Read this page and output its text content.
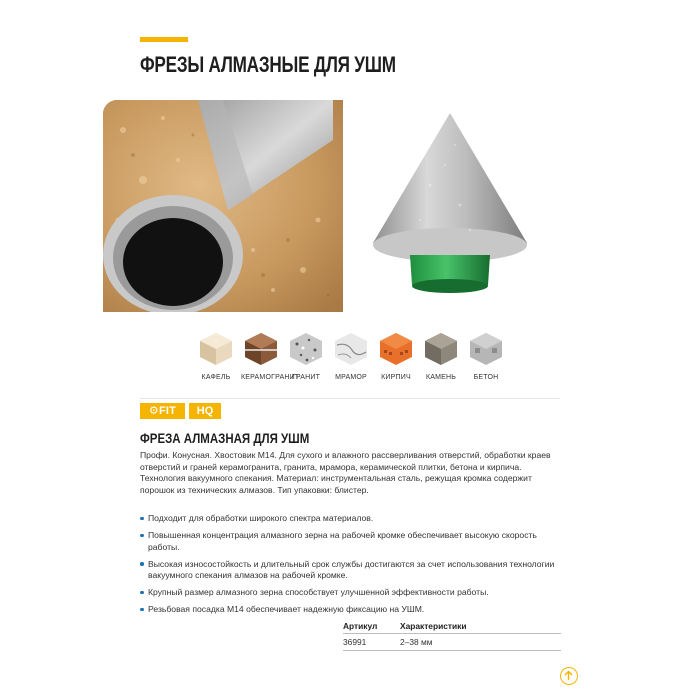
ФРЕЗЫ АЛМАЗНЫЕ ДЛЯ УШМ
КАФЕЛЬ	КЕРАМОГРАНИТ
ГРАНИТ	МРАМОР	КИРПИЧ	КАМЕНЬ	БЕТОН
⚙FIT	HQ
ФРЕЗА АЛМАЗНАЯ ДЛЯ УШМ
Профи. Конусная. Хвостовик М14. Для сухого и влажного рассверливания отверстий, обработки краев отверстий и граней керамогранита, гранита, мрамора, керамической плитки, бетона и кирпича. Технология вакуумного спекания. Материал: инструментальная сталь, режущая кромка содержит порошок из технических алмазов. Тип упаковки: блистер.
Подходит для обработки широкого спектра материалов.
Повышенная концентрация алмазного зерна на рабочей кромке обеспечивает высокую скорость работы.
Высокая износостойкость и длительный срок службы достигаются за счет использования технологии вакуумного спекания алмазов на рабочей кромке.
Крупный размер алмазного зерна способствует улучшенной эффективности работы.
Резьбовая посадка М14 обеспечивает надежную фиксацию на УШМ.
Артикул	Характеристики
36991	2–38 мм
